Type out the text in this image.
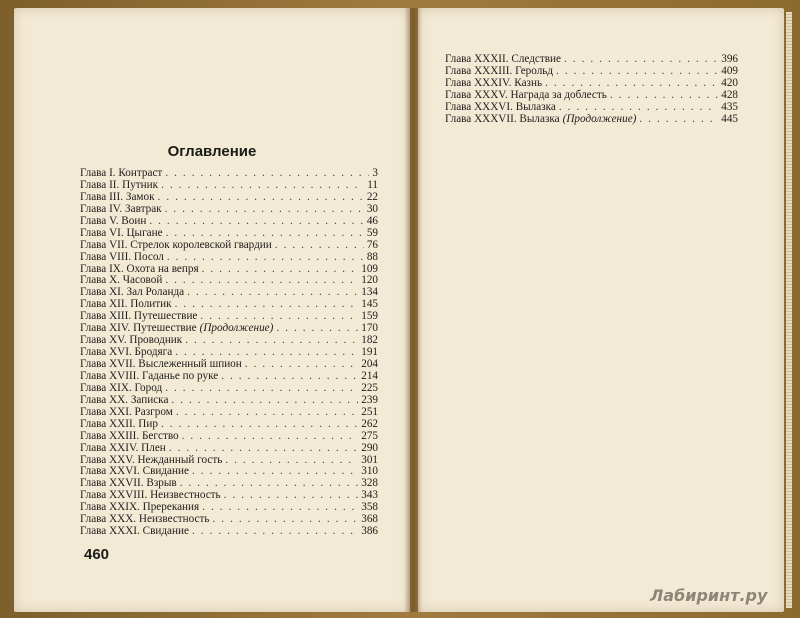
Оглавление
Глава I. Контраст . . .	3
Глава II. Путник . . .	11
Глава III. Замок . . .	22
Глава IV. Завтрак . . .	30
Глава V. Воин . . .	46
Глава VI. Цыгане . . .	59
Глава VII. Стрелок королевской гвардии . . .	76
Глава VIII. Посол . . .	88
Глава IX. Охота на вепря . . .	109
Глава X. Часовой . . .	120
Глава XI. Зал Роланда . . .	134
Глава XII. Политик . . .	145
Глава XIII. Путешествие . . .	159
Глава XIV. Путешествие (Продолжение) . . .	170
Глава XV. Проводник . . .	182
Глава XVI. Бродяга . . .	191
Глава XVII. Выслеженный шпион . . .	204
Глава XVIII. Гаданье по руке . . .	214
Глава XIX. Город . . .	225
Глава XX. Записка . . .	239
Глава XXI. Разгром . . .	251
Глава XXII. Пир . . .	262
Глава XXIII. Бегство . . .	275
Глава XXIV. Плен . . .	290
Глава XXV. Нежданный гость . . .	301
Глава XXVI. Свидание . . .	310
Глава XXVII. Взрыв . . .	328
Глава XXVIII. Неизвестность . . .	343
Глава XXIX. Пререкания . . .	358
Глава XXX. Неизвестность . . .	368
Глава XXXI. Свидание . . .	386
Глава XXXII. Следствие . . .	396
Глава XXXIII. Герольд . . .	409
Глава XXXIV. Казнь . . .	420
Глава XXXV. Награда за доблесть . . .	428
Глава XXXVI. Вылазка . . .	435
Глава XXXVII. Вылазка (Продолжение) . . .	445
460
Лабиринт.ру
